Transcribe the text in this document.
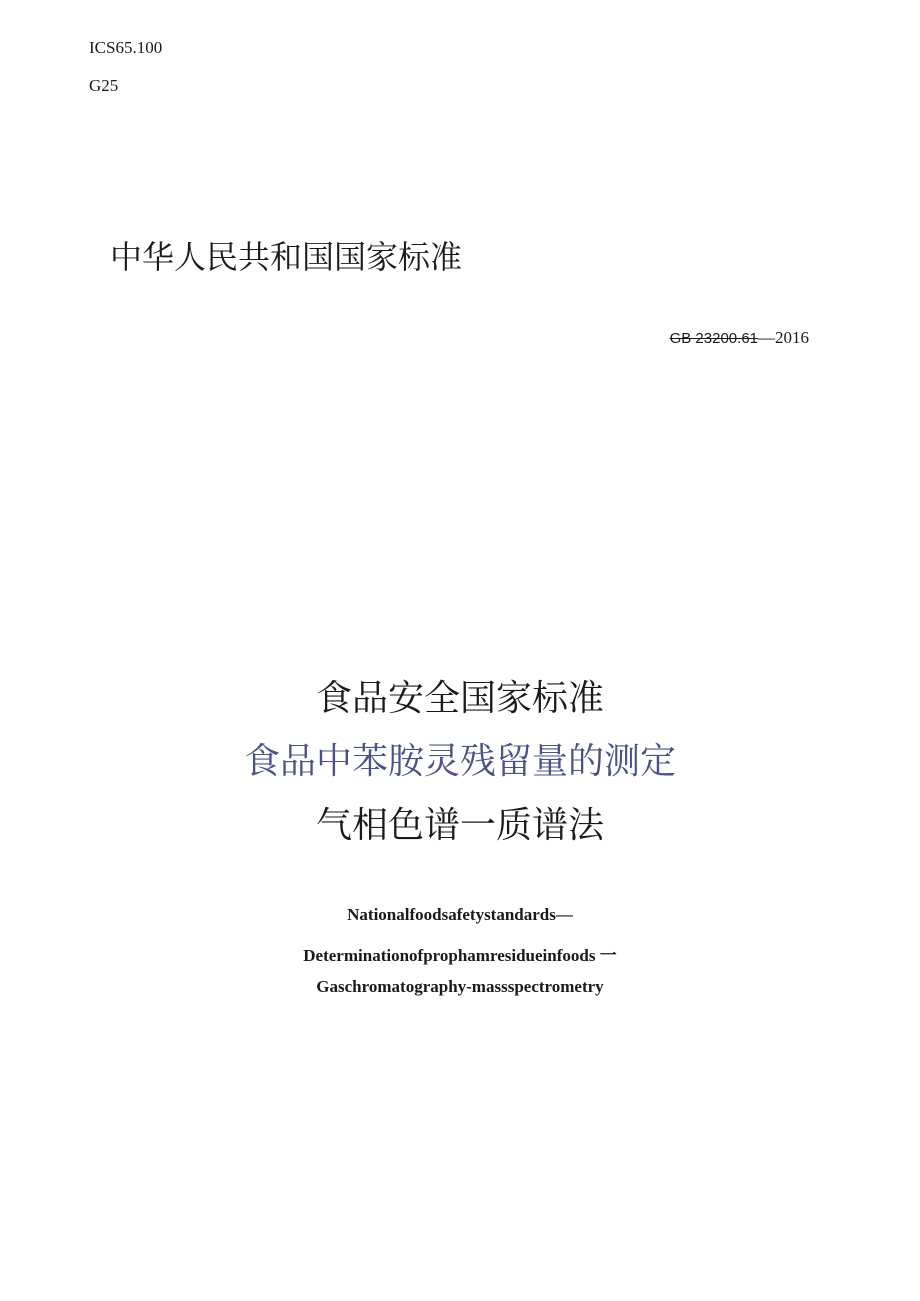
ICS65.100
G25
中华人民共和国国家标准
GB 23200.61—2016
食品安全国家标准
食品中苯胺灵残留量的测定
气相色谱一质谱法
Nationalfoodsafetystandards—
Determinationofprophamresidueinfoods 一
Gaschromatography-massspectrometry
